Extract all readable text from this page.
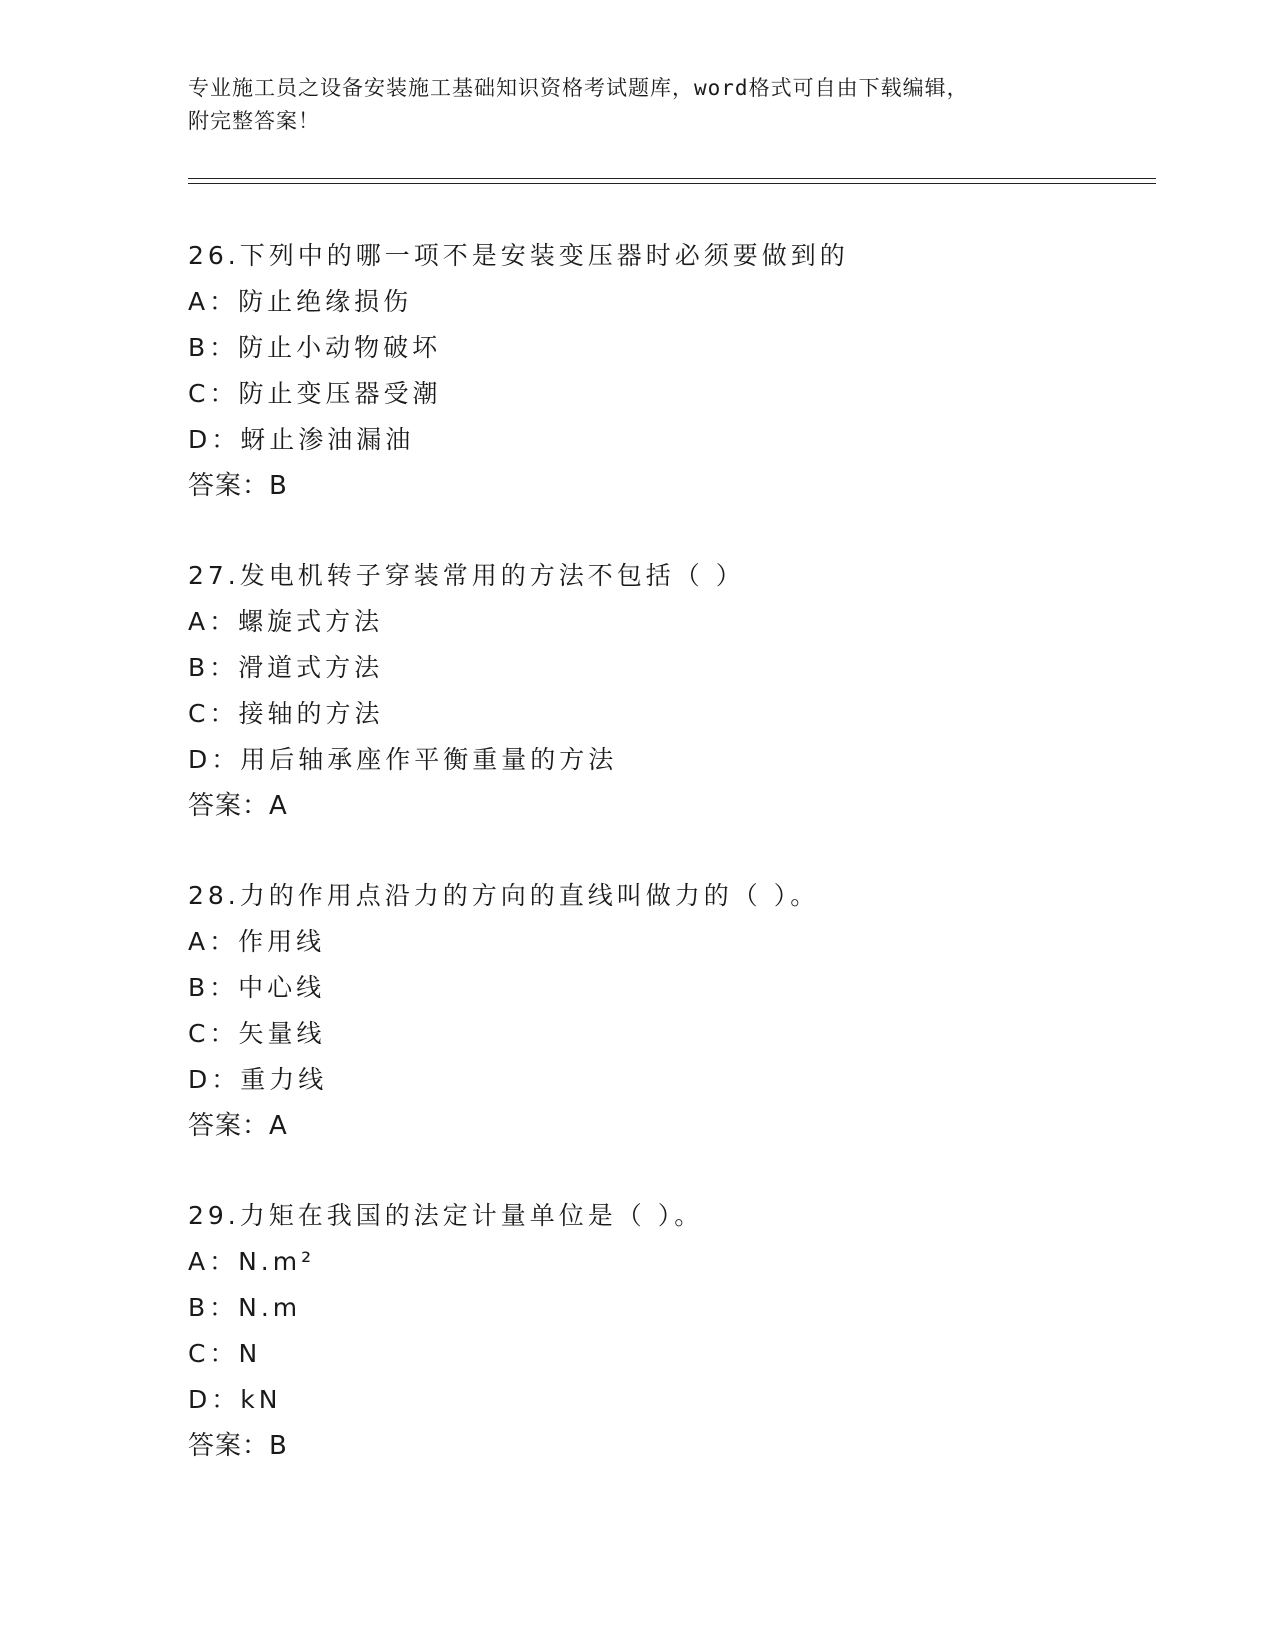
专业施工员之设备安装施工基础知识资格考试题库，word格式可自由下载编辑，
附完整答案！
26.下列中的哪一项不是安装变压器时必须要做到的
A：防止绝缘损伤
B：防止小动物破坏
C：防止变压器受潮
D：蚜止渗油漏油
答案：B
27.发电机转子穿装常用的方法不包括（ ）
A：螺旋式方法
B：滑道式方法
C：接轴的方法
D：用后轴承座作平衡重量的方法
答案：A
28.力的作用点沿力的方向的直线叫做力的（ ）。
A：作用线
B：中心线
C：矢量线
D：重力线
答案：A
29.力矩在我国的法定计量单位是（ ）。
A：N.m²
B：N.m
C：N
D：kN
答案：B
